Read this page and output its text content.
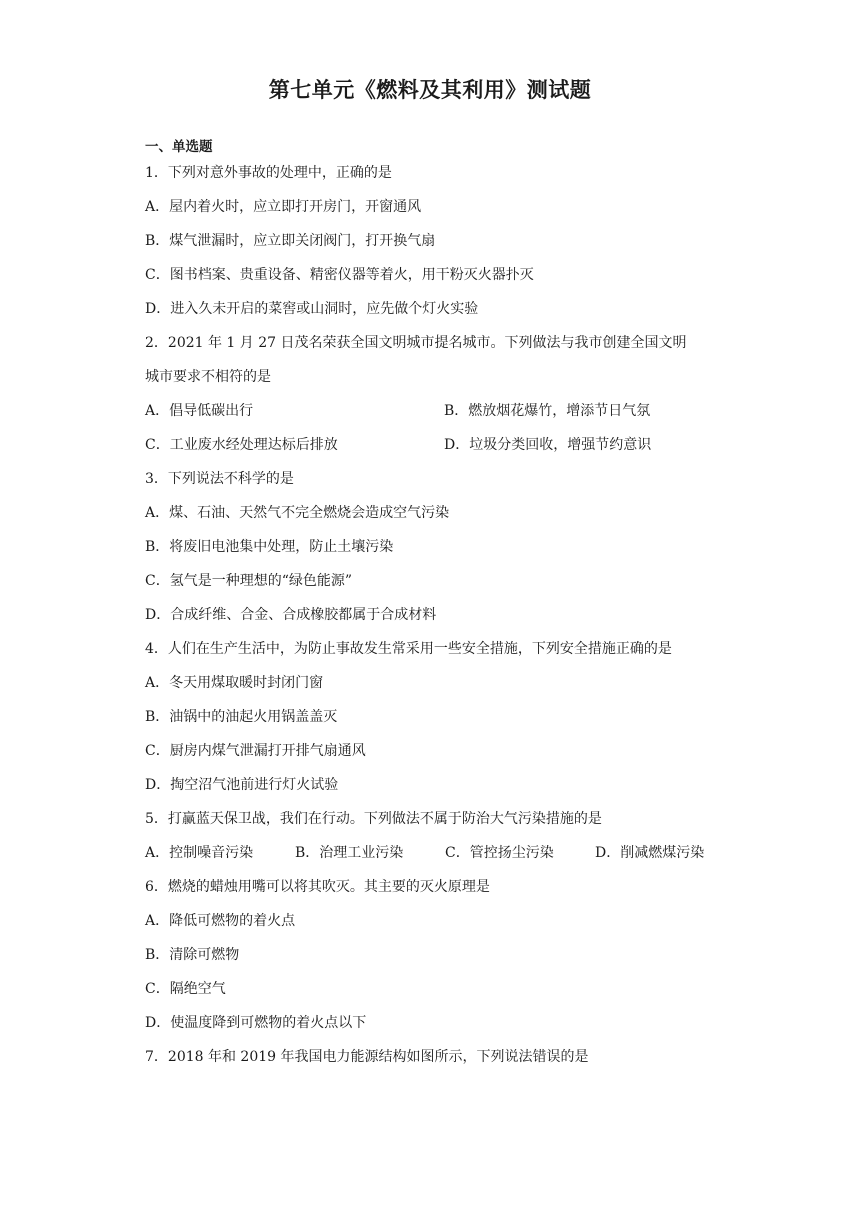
第七单元《燃料及其利用》测试题
一、单选题
1．下列对意外事故的处理中，正确的是
A．屋内着火时，应立即打开房门，开窗通风
B．煤气泄漏时，应立即关闭阀门，打开换气扇
C．图书档案、贵重设备、精密仪器等着火，用干粉灭火器扑灭
D．进入久未开启的菜窖或山洞时，应先做个灯火实验
2．2021 年 1 月 27 日茂名荣获全国文明城市提名城市。下列做法与我市创建全国文明
城市要求不相符的是
A．倡导低碳出行	B．燃放烟花爆竹，增添节日气氛
C．工业废水经处理达标后排放	D．垃圾分类回收，增强节约意识
3．下列说法不科学的是
A．煤、石油、天然气不完全燃烧会造成空气污染
B．将废旧电池集中处理，防止土壤污染
C．氢气是一种理想的“绿色能源”
D．合成纤维、合金、合成橡胶都属于合成材料
4．人们在生产生活中，为防止事故发生常采用一些安全措施，下列安全措施正确的是
A．冬天用煤取暖时封闭门窗
B．油锅中的油起火用锅盖盖灭
C．厨房内煤气泄漏打开排气扇通风
D．掏空沼气池前进行灯火试验
5．打赢蓝天保卫战，我们在行动。下列做法不属于防治大气污染措施的是
A．控制噪音污染	B．治理工业污染	C．管控扬尘污染	D．削减燃煤污染
6．燃烧的蜡烛用嘴可以将其吹灭。其主要的灭火原理是
A．降低可燃物的着火点
B．清除可燃物
C．隔绝空气
D．使温度降到可燃物的着火点以下
7．2018 年和 2019 年我国电力能源结构如图所示，下列说法错误的是
